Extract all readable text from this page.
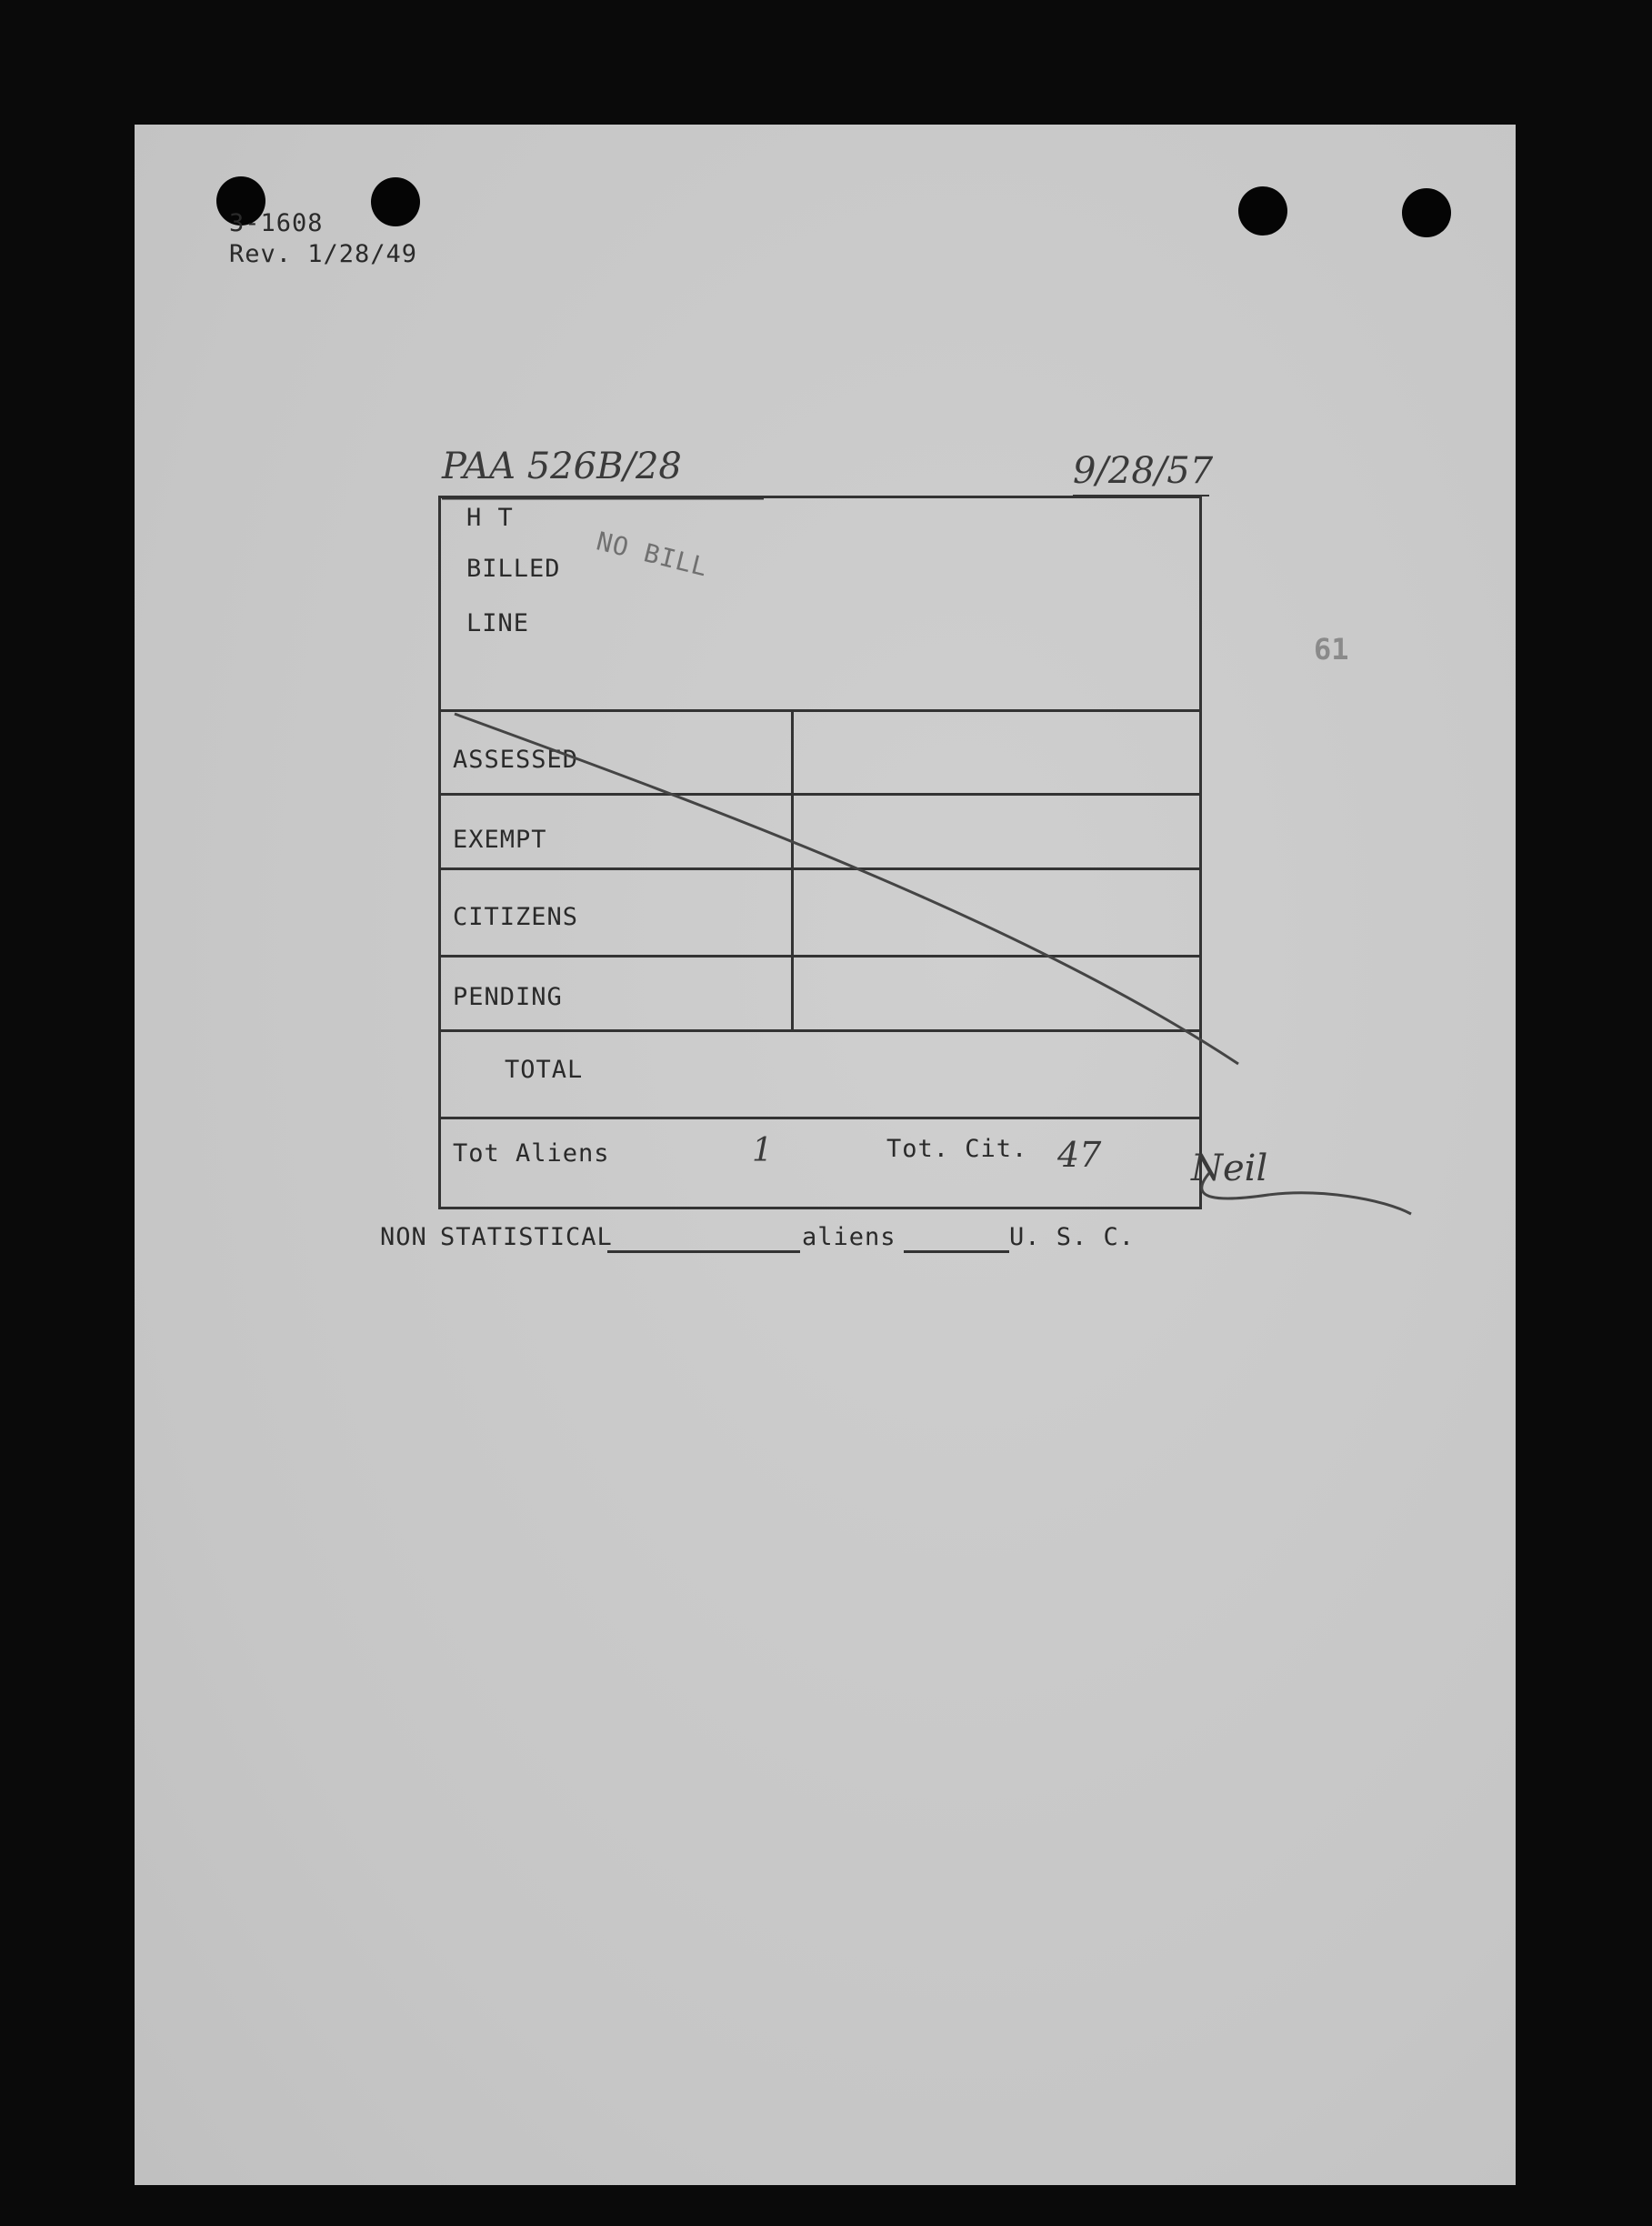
3-1608
Rev. 1/28/49
PAA 526B/28	9/28/57
61
H T
BILLED
LINE
NO BILL
ASSESSED
EXEMPT
CITIZENS
PENDING
TOTAL
Tot Aliens	1	Tot. Cit. 47 Neil
NON STATISTICAL	aliens	U. S. C.
